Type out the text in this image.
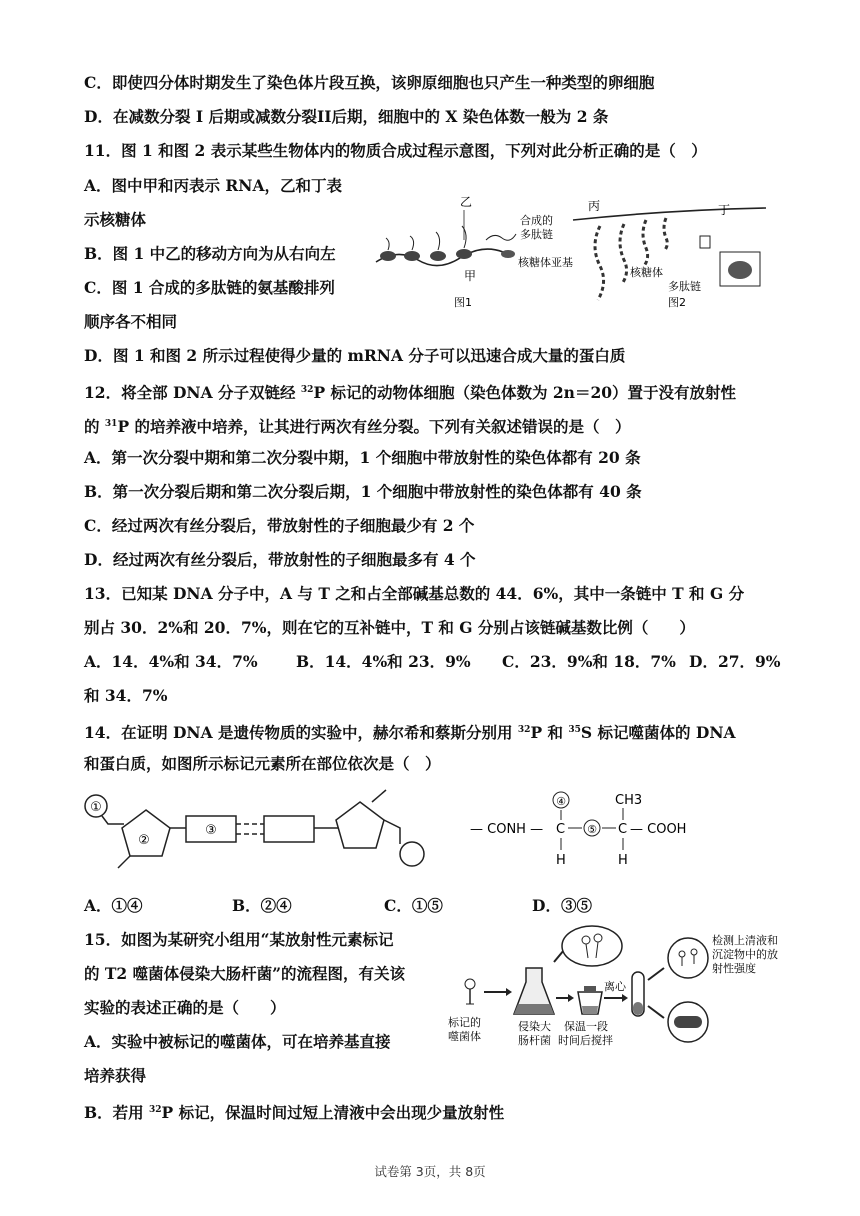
C．即使四分体时期发生了染色体片段互换，该卵原细胞也只产生一种类型的卵细胞
D．在减数分裂 I 后期或减数分裂II后期，细胞中的 X 染色体数一般为 2 条
11．图 1 和图 2 表示某些生物体内的物质合成过程示意图，下列对此分析正确的是（　）
A．图中甲和丙表示 RNA，乙和丁表
示核糖体
B．图 1 中乙的移动方向为从右向左
C．图 1 合成的多肽链的氨基酸排列
顺序各不相同
D．图 1 和图 2 所示过程使得少量的 mRNA 分子可以迅速合成大量的蛋白质
乙
甲
合成的
多肽链
核糖体亚基
图1
丙	丁
核糖体
多肽链
图2
12．将全部 DNA 分子双链经 $^{32}$P 标记的动物体细胞（染色体数为 2n＝20）置于没有放射性
的 $^{31}$P 的培养液中培养，让其进行两次有丝分裂。下列有关叙述错误的是（　）
A．第一次分裂中期和第二次分裂中期，1 个细胞中带放射性的染色体都有 20 条
B．第一次分裂后期和第二次分裂后期，1 个细胞中带放射性的染色体都有 40 条
C．经过两次有丝分裂后，带放射性的子细胞最少有 2 个
D．经过两次有丝分裂后，带放射性的子细胞最多有 4 个
13．已知某 DNA 分子中，A 与 T 之和占全部碱基总数的 44．6%，其中一条链中 T 和 G 分
别占 30．2%和 20．7%，则在它的互补链中，T 和 G 分别占该链碱基数比例（　　）
A．14．4%和 34．7% B．14．4%和 23．9% C．23．9%和 18．7% D．27．9%
和 34．7%
14．在证明 DNA 是遗传物质的实验中，赫尔希和蔡斯分别用 $^{32}$P 和 $^{35}$S 标记噬菌体的 DNA
和蛋白质，如图所示标记元素所在部位依次是（　）
①
②
③	— CONH — C
④
H
⑤ C
CH3
H
— COOH
A．①④	B．②④	C．①⑤	D．③⑤
15．如图为某研究小组用“某放射性元素标记
的 T2 噬菌体侵染大肠杆菌”的流程图，有关该
实验的表述正确的是（　　）
A．实验中被标记的噬菌体，可在培养基直接
培养获得
B．若用 $^{32}$P 标记，保温时间过短上清液中会出现少量放射性
标记的
噬菌体
侵染大
肠杆菌
保温一段
时间后搅拌
离心
检测上清液和
沉淀物中的放
射性强度
试卷第 3页，共 8页
